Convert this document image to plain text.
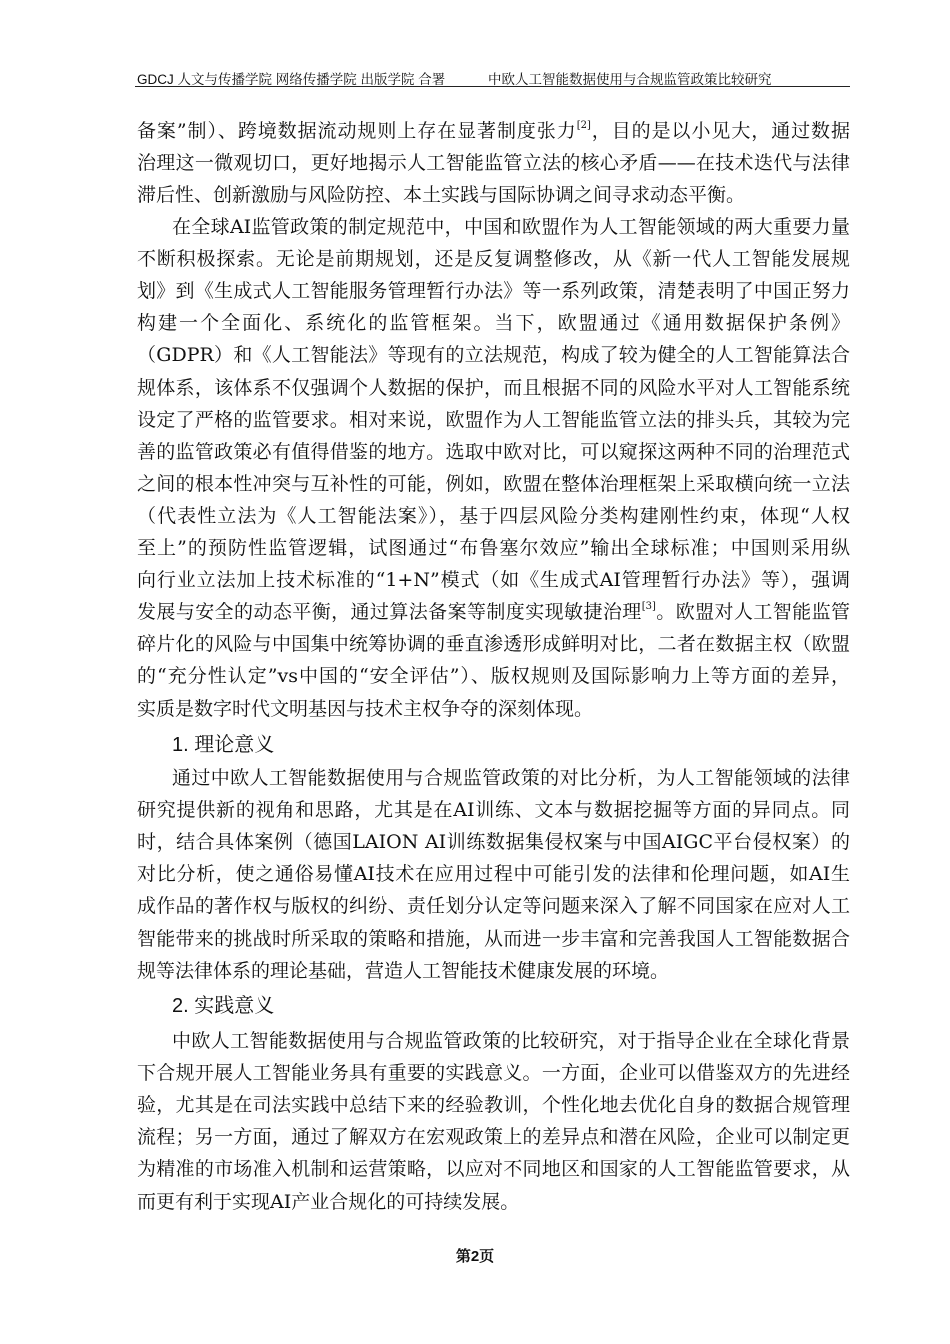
GDCJ 人文与传播学院 网络传播学院 出版学院 合署	中欧人工智能数据使用与合规监管政策比较研究
备案”制）、跨境数据流动规则上存在显著制度张力[2]，目的是以小见大，通过数据
治理这一微观切口，更好地揭示人工智能监管立法的核心矛盾——在技术迭代与法律
滞后性、创新激励与风险防控、本土实践与国际协调之间寻求动态平衡。
在全球AI监管政策的制定规范中，中国和欧盟作为人工智能领域的两大重要力量
不断积极探索。无论是前期规划，还是反复调整修改，从《新一代人工智能发展规
划》到《生成式人工智能服务管理暂行办法》等一系列政策，清楚表明了中国正努力
构建一个全面化、系统化的监管框架。当下，欧盟通过《通用数据保护条例》
（GDPR）和《人工智能法》等现有的立法规范，构成了较为健全的人工智能算法合
规体系，该体系不仅强调个人数据的保护，而且根据不同的风险水平对人工智能系统
设定了严格的监管要求。相对来说，欧盟作为人工智能监管立法的排头兵，其较为完
善的监管政策必有值得借鉴的地方。选取中欧对比，可以窥探这两种不同的治理范式
之间的根本性冲突与互补性的可能，例如，欧盟在整体治理框架上采取横向统一立法
（代表性立法为《人工智能法案》），基于四层风险分类构建刚性约束，体现“人权
至上”的预防性监管逻辑，试图通过“布鲁塞尔效应”输出全球标准；中国则采用纵
向行业立法加上技术标准的“1+N”模式（如《生成式AI管理暂行办法》等），强调
发展与安全的动态平衡，通过算法备案等制度实现敏捷治理[3]。欧盟对人工智能监管
碎片化的风险与中国集中统筹协调的垂直渗透形成鲜明对比，二者在数据主权（欧盟
的“充分性认定”vs中国的“安全评估”）、版权规则及国际影响力上等方面的差异，
实质是数字时代文明基因与技术主权争夺的深刻体现。
通过中欧人工智能数据使用与合规监管政策的对比分析，为人工智能领域的法律
研究提供新的视角和思路，尤其是在AI训练、文本与数据挖掘等方面的异同点。同
时，结合具体案例（德国LAION AI训练数据集侵权案与中国AIGC平台侵权案）的
对比分析，使之通俗易懂AI技术在应用过程中可能引发的法律和伦理问题，如AI生
成作品的著作权与版权的纠纷、责任划分认定等问题来深入了解不同国家在应对人工
智能带来的挑战时所采取的策略和措施，从而进一步丰富和完善我国人工智能数据合
规等法律体系的理论基础，营造人工智能技术健康发展的环境。
中欧人工智能数据使用与合规监管政策的比较研究，对于指导企业在全球化背景
下合规开展人工智能业务具有重要的实践意义。一方面，企业可以借鉴双方的先进经
验，尤其是在司法实践中总结下来的经验教训，个性化地去优化自身的数据合规管理
流程；另一方面，通过了解双方在宏观政策上的差异点和潜在风险，企业可以制定更
为精准的市场准入机制和运营策略，以应对不同地区和国家的人工智能监管要求，从
而更有利于实现AI产业合规化的可持续发展。
1. 理论意义
2. 实践意义
第2页
